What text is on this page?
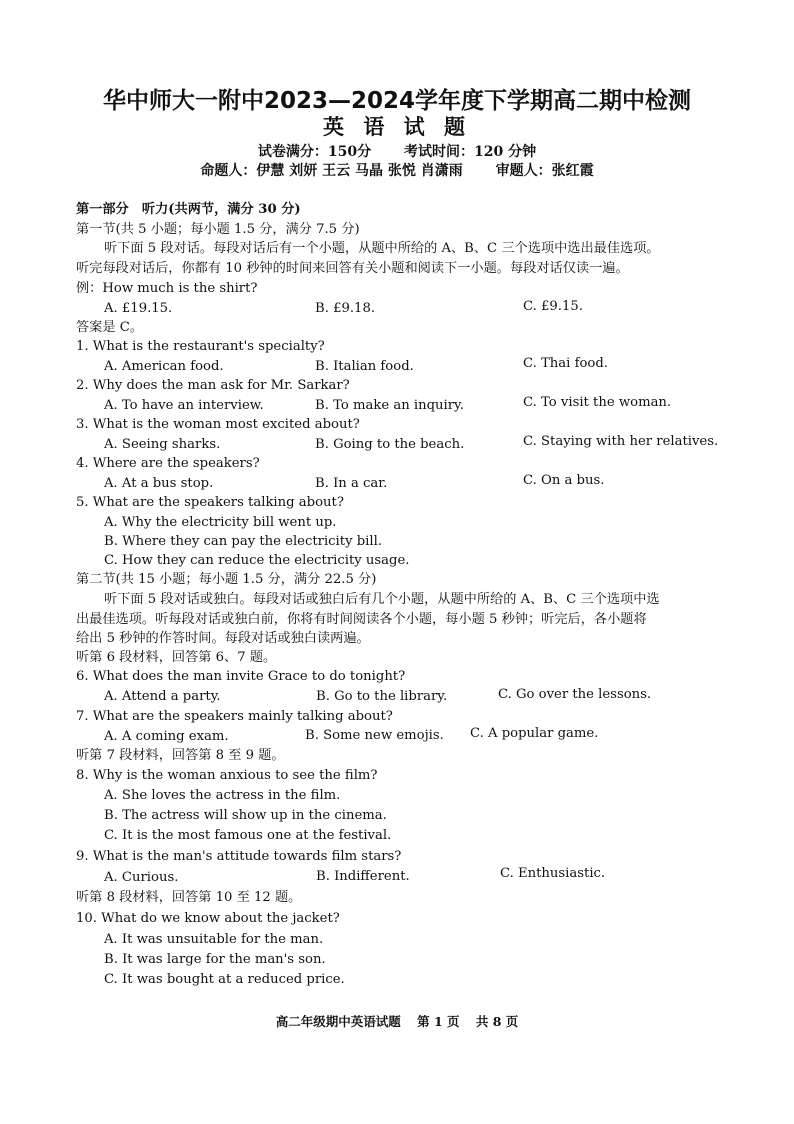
华中师大一附中2023—2024学年度下学期高二期中检测
英 语 试 题
试卷满分：150分 考试时间：120 分钟
命题人：伊慧 刘妍 王云 马晶 张悦 肖潇雨 审题人：张红霞
第一部分　听力(共两节，满分 30 分)
第一节(共 5 小题；每小题 1.5 分，满分 7.5 分)
听下面 5 段对话。每段对话后有一个小题，从题中所给的 A、B、C 三个选项中选出最佳选项。
听完每段对话后，你都有 10 秒钟的时间来回答有关小题和阅读下一小题。每段对话仅读一遍。
例：How much is the shirt?
A. £19.15.	B. £9.18.	C. £9.15.
答案是 C。
1. What is the restaurant's specialty?
A. American food.	B. Italian food.	C. Thai food.
2. Why does the man ask for Mr. Sarkar?
A. To have an interview.	B. To make an inquiry.	C. To visit the woman.
3. What is the woman most excited about?
A. Seeing sharks.	B. Going to the beach.	C. Staying with her relatives.
4. Where are the speakers?
A. At a bus stop.	B. In a car.	C. On a bus.
5. What are the speakers talking about?
A. Why the electricity bill went up.
B. Where they can pay the electricity bill.
C. How they can reduce the electricity usage.
第二节(共 15 小题；每小题 1.5 分，满分 22.5 分)
听下面 5 段对话或独白。每段对话或独白后有几个小题，从题中所给的 A、B、C 三个选项中选
出最佳选项。听每段对话或独白前，你将有时间阅读各个小题，每小题 5 秒钟；听完后，各小题将
给出 5 秒钟的作答时间。每段对话或独白读两遍。
听第 6 段材料，回答第 6、7 题。
6. What does the man invite Grace to do tonight?
A. Attend a party.	B. Go to the library.	C. Go over the lessons.
7. What are the speakers mainly talking about?
A. A coming exam.	B. Some new emojis. C. A popular game.
听第 7 段材料，回答第 8 至 9 题。
8. Why is the woman anxious to see the film?
A. She loves the actress in the film.
B. The actress will show up in the cinema.
C. It is the most famous one at the festival.
9. What is the man's attitude towards film stars?
A. Curious.	B. Indifferent.	C. Enthusiastic.
听第 8 段材料，回答第 10 至 12 题。
10. What do we know about the jacket?
A. It was unsuitable for the man.
B. It was large for the man's son.
C. It was bought at a reduced price.
高二年级期中英语试题 第 1 页 共 8 页
